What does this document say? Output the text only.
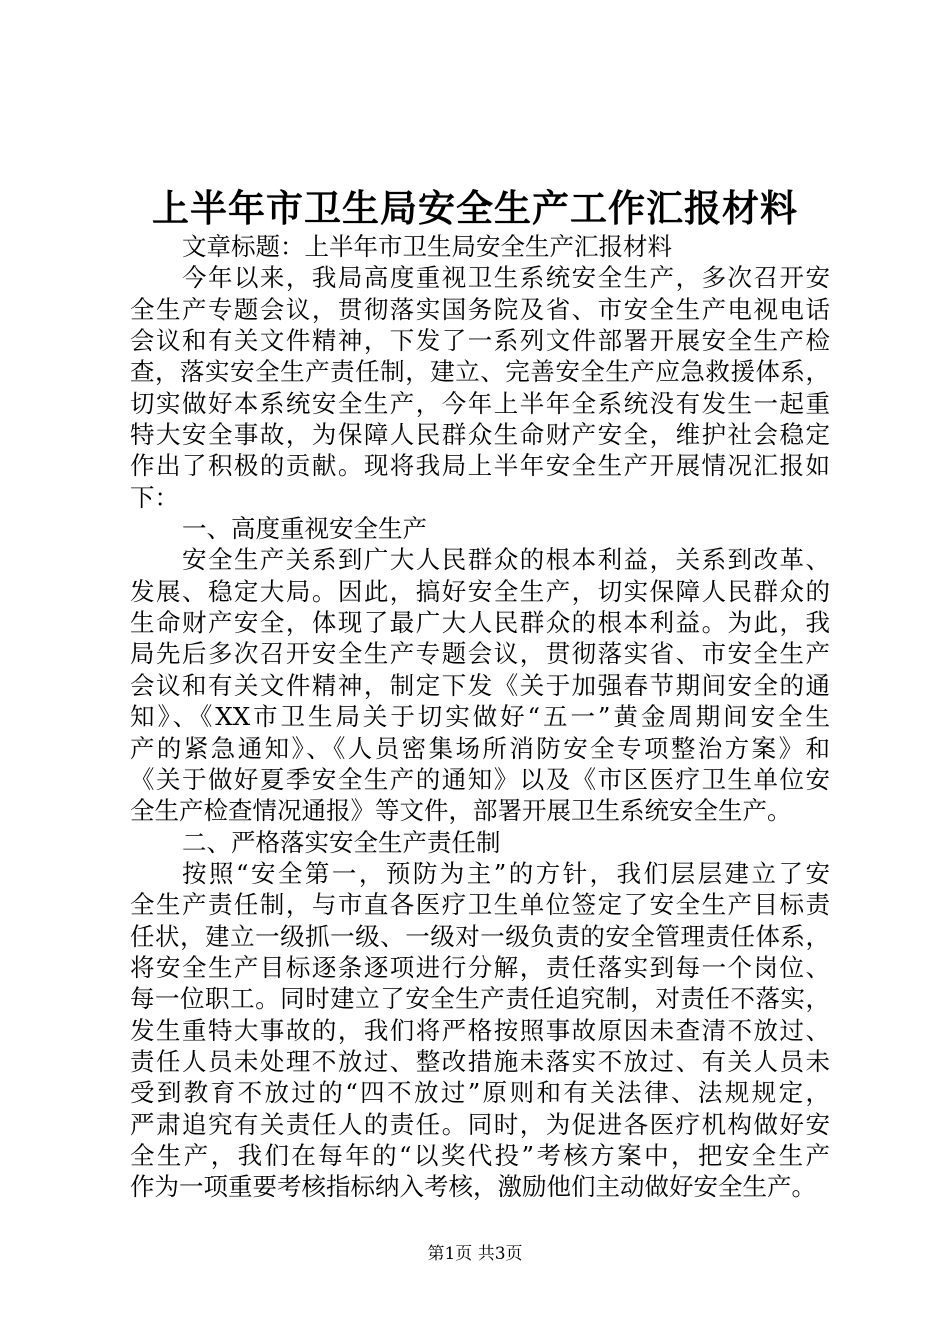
上半年市卫生局安全生产工作汇报材料
文章标题：上半年市卫生局安全生产汇报材料
今年以来，我局高度重视卫生系统安全生产，多次召开安
全生产专题会议，贯彻落实国务院及省、市安全生产电视电话
会议和有关文件精神，下发了一系列文件部署开展安全生产检
查，落实安全生产责任制，建立、完善安全生产应急救援体系，
切实做好本系统安全生产，今年上半年全系统没有发生一起重
特大安全事故，为保障人民群众生命财产安全，维护社会稳定
作出了积极的贡献。现将我局上半年安全生产开展情况汇报如
下：
一、高度重视安全生产
安全生产关系到广大人民群众的根本利益，关系到改革、
发展、稳定大局。因此，搞好安全生产，切实保障人民群众的
生命财产安全，体现了最广大人民群众的根本利益。为此，我
局先后多次召开安全生产专题会议，贯彻落实省、市安全生产
会议和有关文件精神，制定下发《关于加强春节期间安全的通
知》、《XX市卫生局关于切实做好“五一”黄金周期间安全生
产的紧急通知》、《人员密集场所消防安全专项整治方案》和
《关于做好夏季安全生产的通知》以及《市区医疗卫生单位安
全生产检查情况通报》等文件，部署开展卫生系统安全生产。
二、严格落实安全生产责任制
按照“安全第一，预防为主”的方针，我们层层建立了安
全生产责任制，与市直各医疗卫生单位签定了安全生产目标责
任状，建立一级抓一级、一级对一级负责的安全管理责任体系，
将安全生产目标逐条逐项进行分解，责任落实到每一个岗位、
每一位职工。同时建立了安全生产责任追究制，对责任不落实，
发生重特大事故的，我们将严格按照事故原因未查清不放过、
责任人员未处理不放过、整改措施未落实不放过、有关人员未
受到教育不放过的“四不放过”原则和有关法律、法规规定，
严肃追究有关责任人的责任。同时，为促进各医疗机构做好安
全生产，我们在每年的“以奖代投”考核方案中，把安全生产
作为一项重要考核指标纳入考核，激励他们主动做好安全生产。
第1页 共3页
